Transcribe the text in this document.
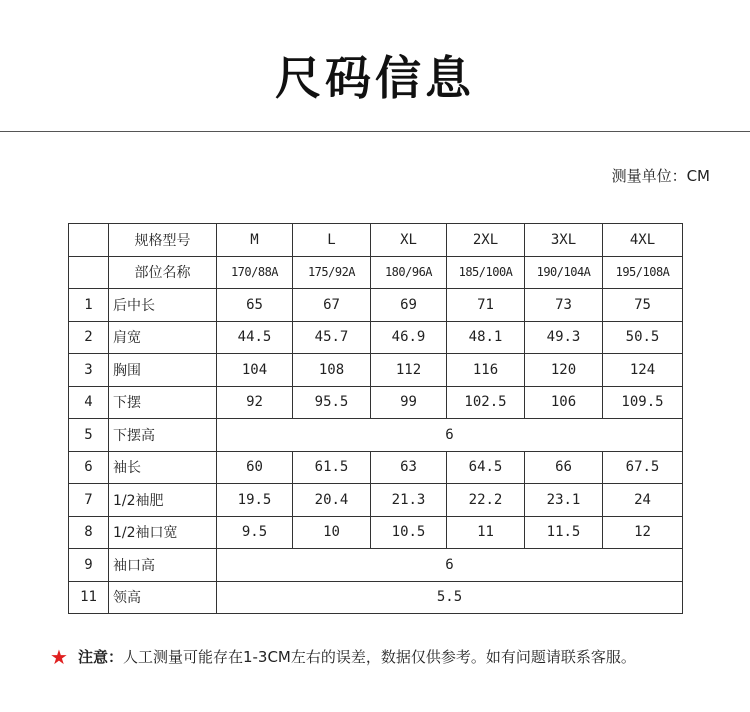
尺码信息
测量单位：CM
	规格型号	M	L	XL	2XL	3XL	4XL
	部位名称	170/88A	175/92A	180/96A	185/100A	190/104A	195/108A
1	后中长	65	67	69	71	73	75
2	肩宽	44.5	45.7	46.9	48.1	49.3	50.5
3	胸围	104	108	112	116	120	124
4	下摆	92	95.5	99	102.5	106	109.5
5	下摆高	6					
6	袖长	60	61.5	63	64.5	66	67.5
7	1/2袖肥	19.5	20.4	21.3	22.2	23.1	24
8	1/2袖口宽	9.5	10	10.5	11	11.5	12
9	袖口高	6					
11	领高	5.5					
★ 注意：人工测量可能存在1-3CM左右的误差，数据仅供参考。如有问题请联系客服。
